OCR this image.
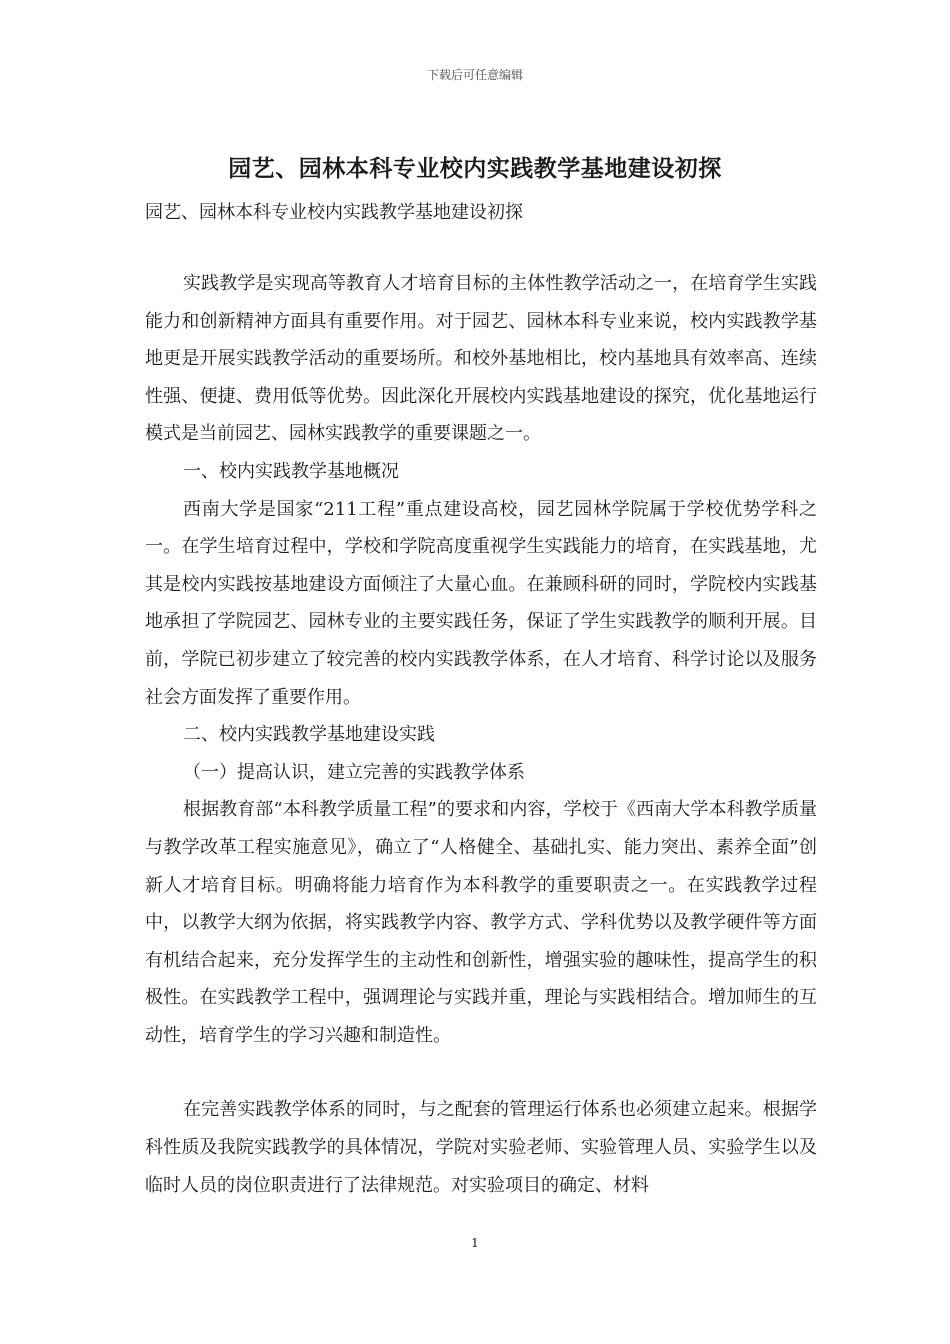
下载后可任意编辑
园艺、园林本科专业校内实践教学基地建设初探
园艺、园林本科专业校内实践教学基地建设初探

实践教学是实现高等教育人才培育目标的主体性教学活动之一，在培育学生实践能力和创新精神方面具有重要作用。对于园艺、园林本科专业来说，校内实践教学基地更是开展实践教学活动的重要场所。和校外基地相比，校内基地具有效率高、连续性强、便捷、费用低等优势。因此深化开展校内实践基地建设的探究，优化基地运行模式是当前园艺、园林实践教学的重要课题之一。

一、校内实践教学基地概况

西南大学是国家“211工程”重点建设高校，园艺园林学院属于学校优势学科之一。在学生培育过程中，学校和学院高度重视学生实践能力的培育，在实践基地，尤其是校内实践按基地建设方面倾注了大量心血。在兼顾科研的同时，学院校内实践基地承担了学院园艺、园林专业的主要实践任务，保证了学生实践教学的顺利开展。目前，学院已初步建立了较完善的校内实践教学体系，在人才培育、科学讨论以及服务社会方面发挥了重要作用。

二、校内实践教学基地建设实践

（一）提高认识，建立完善的实践教学体系

根据教育部“本科教学质量工程”的要求和内容，学校于《西南大学本科教学质量与教学改革工程实施意见》，确立了“人格健全、基础扎实、能力突出、素养全面”创新人才培育目标。明确将能力培育作为本科教学的重要职责之一。在实践教学过程中，以教学大纲为依据，将实践教学内容、教学方式、学科优势以及教学硬件等方面有机结合起来，充分发挥学生的主动性和创新性，增强实验的趣味性，提高学生的积极性。在实践教学工程中，强调理论与实践并重，理论与实践相结合。增加师生的互动性，培育学生的学习兴趣和制造性。

在完善实践教学体系的同时，与之配套的管理运行体系也必须建立起来。根据学科性质及我院实践教学的具体情况，学院对实验老师、实验管理人员、实验学生以及临时人员的岗位职责进行了法律规范。对实验项目的确定、材料

1
